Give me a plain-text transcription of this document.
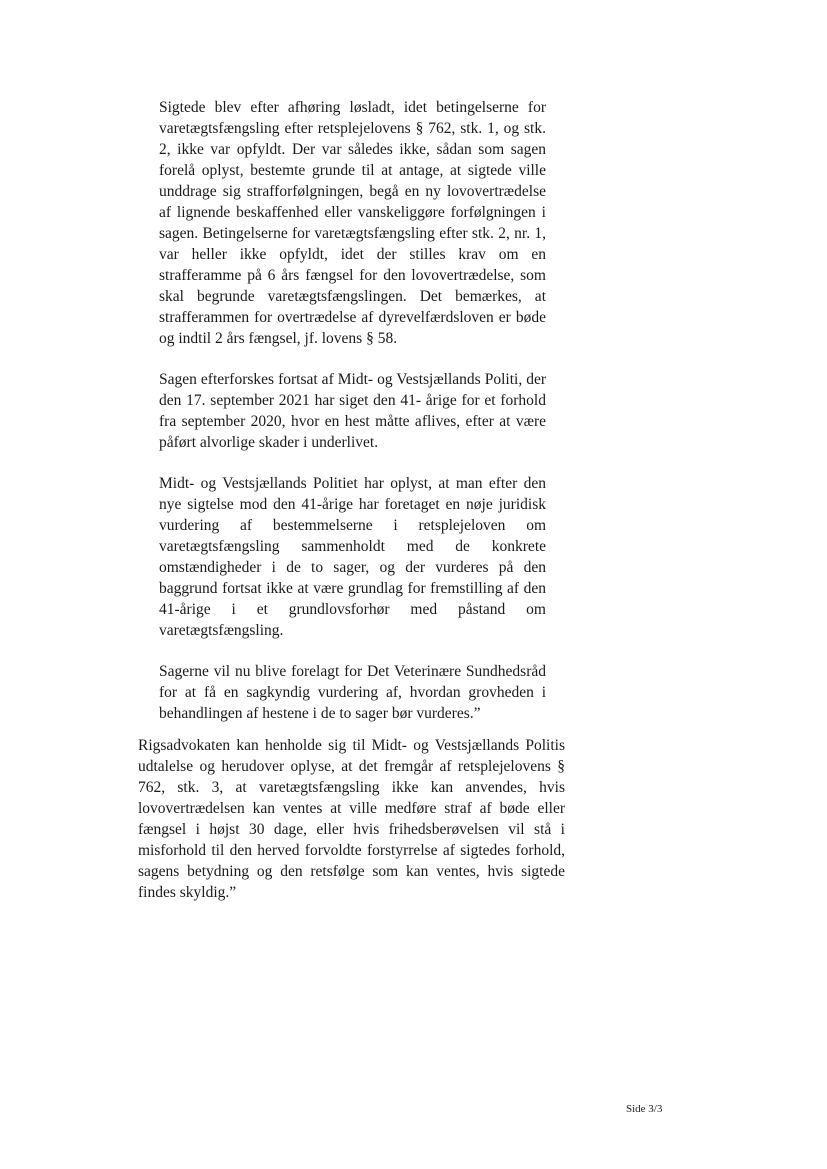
Sigtede blev efter afhøring løsladt, idet betingelserne for varetægtsfængsling efter retsplejelovens § 762, stk. 1, og stk. 2, ikke var opfyldt. Der var således ikke, sådan som sagen forelå oplyst, bestemte grunde til at antage, at sigtede ville unddrage sig strafforfølgningen, begå en ny lovovertrædelse af lignende beskaffenhed eller vanskeliggøre forfølgningen i sagen. Betingelserne for varetægtsfængsling efter stk. 2, nr. 1, var heller ikke opfyldt, idet der stilles krav om en strafferamme på 6 års fængsel for den lovovertrædelse, som skal begrunde varetægtsfængslingen. Det bemærkes, at strafferammen for overtrædelse af dyrevelfærdsloven er bøde og indtil 2 års fængsel, jf. lovens § 58.

Sagen efterforskes fortsat af Midt- og Vestsjællands Politi, der den 17. september 2021 har siget den 41- årige for et forhold fra september 2020, hvor en hest måtte aflives, efter at være påført alvorlige skader i underlivet.

Midt- og Vestsjællands Politiet har oplyst, at man efter den nye sigtelse mod den 41-årige har foretaget en nøje juridisk vurdering af bestemmelserne i retsplejeloven om varetægtsfængsling sammenholdt med de konkrete omstændigheder i de to sager, og der vurderes på den baggrund fortsat ikke at være grundlag for fremstilling af den 41-årige i et grundlovsforhør med påstand om varetægtsfængsling.

Sagerne vil nu blive forelagt for Det Veterinære Sundhedsråd for at få en sagkyndig vurdering af, hvordan grovheden i behandlingen af hestene i de to sager bør vurderes.”

Rigsadvokaten kan henholde sig til Midt- og Vestsjællands Politis udtalelse og herudover oplyse, at det fremgår af retsplejelovens § 762, stk. 3, at varetægtsfængsling ikke kan anvendes, hvis lovovertrædelsen kan ventes at ville medføre straf af bøde eller fængsel i højst 30 dage, eller hvis frihedsberøvelsen vil stå i misforhold til den herved forvoldte forstyrrelse af sigtedes forhold, sagens betydning og den retsfølge som kan ventes, hvis sigtede findes skyldig.”

Side 3/3
